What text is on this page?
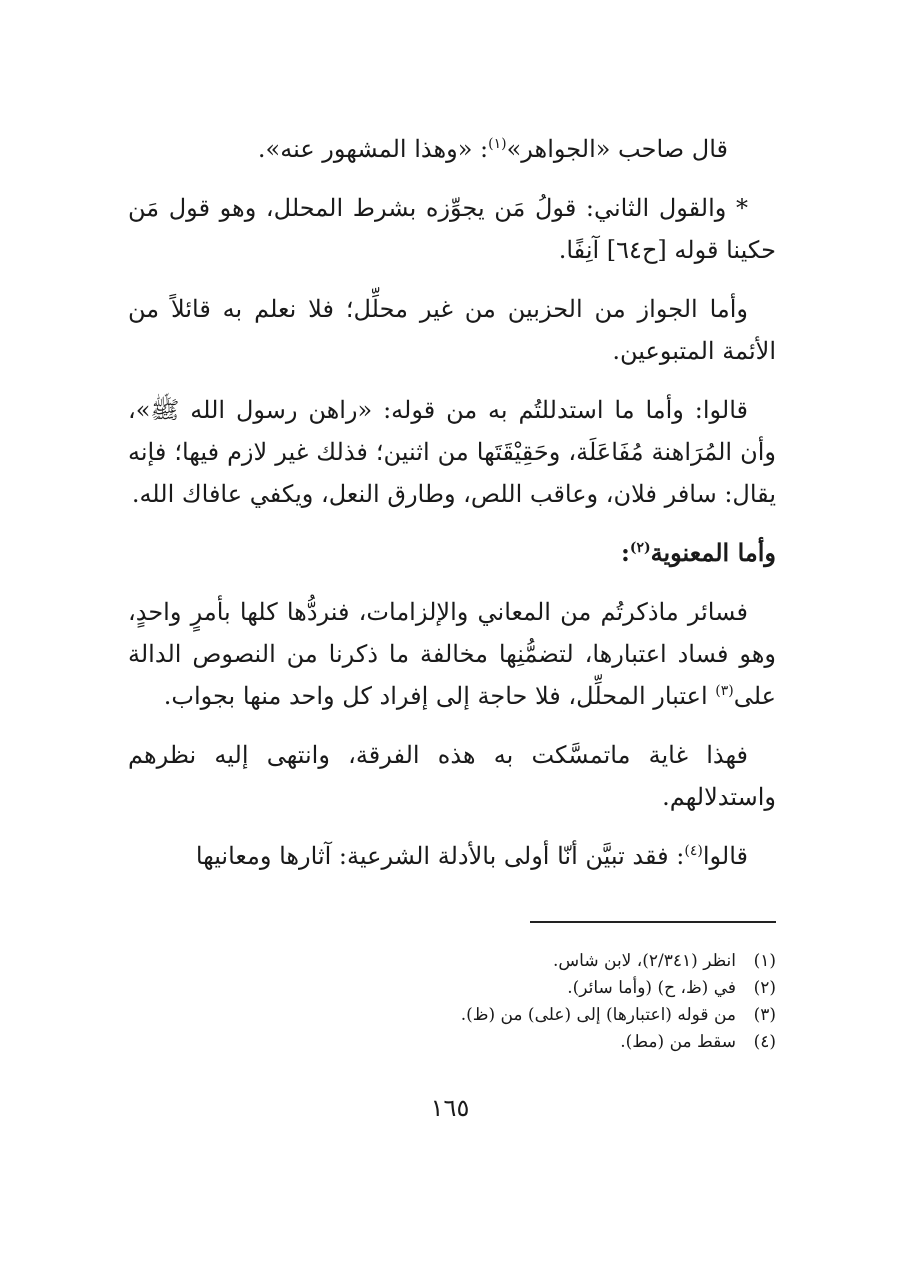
قال صاحب «الجواهر»$^{(١)}$: «وهذا المشهور عنه».

* والقول الثاني: قولُ مَن يجوِّزه بشرط المحلل، وهو قول مَن حكينا قوله [ح٦٤] آنِفًا.

وأما الجواز من الحزبين من غير محلِّل؛ فلا نعلم به قائلاً من الأئمة المتبوعين.

قالوا: وأما ما استدللتُم به من قوله: «راهن رسول الله ﷺ»، وأن المُرَاهنة مُفَاعَلَة، وحَقِيْقَتَها من اثنين؛ فذلك غير لازم فيها؛ فإنه يقال: سافر فلان، وعاقب اللص، وطارق النعل، ويكفي عافاك الله.

وأما المعنوية$^{(٢)}$:

فسائر ماذكرتُم من المعاني والإلزامات، فنردُّها كلها بأمرٍ واحدٍ، وهو فساد اعتبارها، لتضمُّنِها مخالفة ما ذكرنا من النصوص الدالة على$^{(٣)}$ اعتبار المحلِّل، فلا حاجة إلى إفراد كل واحد منها بجواب.

فهذا غاية ماتمسَّكت به هذه الفرقة، وانتهى إليه نظرهم واستدلالهم.

قالوا$^{(٤)}$: فقد تبيَّن أنّا أولى بالأدلة الشرعية: آثارها ومعانيها

(١)انظر (٢/٣٤١)، لابن شاس.
(٢)في (ظ، ح) (وأما سائر).
(٣)من قوله (اعتبارها) إلى (على) من (ظ).
(٤)سقط من (مط).
١٦٥
